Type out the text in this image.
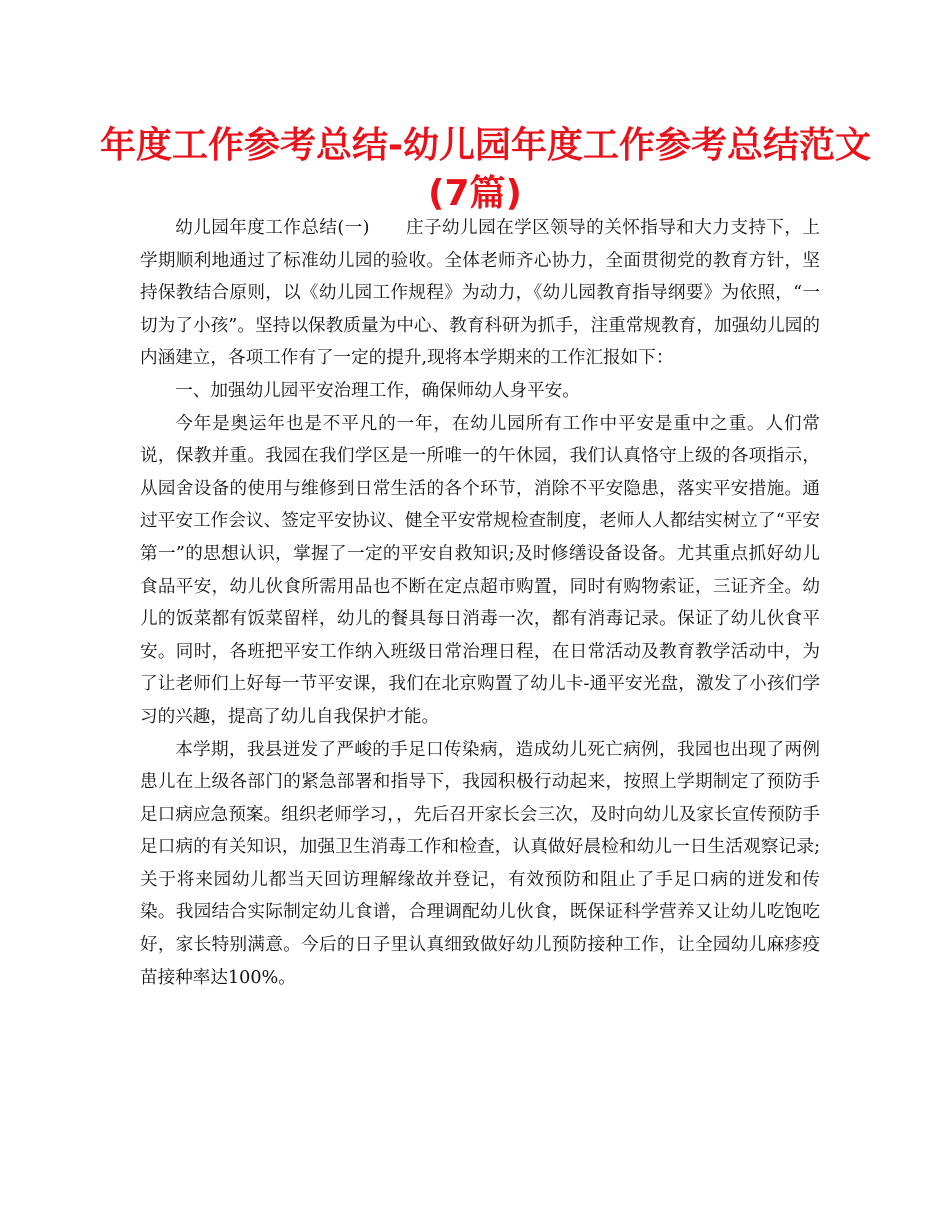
年度工作参考总结-幼儿园年度工作参考总结范文
(7篇)

幼儿园年度工作总结(一)　　庄子幼儿园在学区领导的关怀指导和大力支持下，上学期顺利地通过了标准幼儿园的验收。全体老师齐心协力，全面贯彻党的教育方针，坚持保教结合原则，以《幼儿园工作规程》为动力，《幼儿园教育指导纲要》为依照，“一切为了小孩”。坚持以保教质量为中心、教育科研为抓手，注重常规教育，加强幼儿园的内涵建立，各项工作有了一定的提升,现将本学期来的工作汇报如下：

一、加强幼儿园平安治理工作，确保师幼人身平安。

今年是奥运年也是不平凡的一年，在幼儿园所有工作中平安是重中之重。人们常说，保教并重。我园在我们学区是一所唯一的午休园，我们认真恪守上级的各项指示，从园舍设备的使用与维修到日常生活的各个环节，消除不平安隐患，落实平安措施。通过平安工作会议、签定平安协议、健全平安常规检查制度，老师人人都结实树立了“平安第一”的思想认识，掌握了一定的平安自救知识;及时修缮设备设备。尤其重点抓好幼儿食品平安，幼儿伙食所需用品也不断在定点超市购置，同时有购物索证，三证齐全。幼儿的饭菜都有饭菜留样，幼儿的餐具每日消毒一次，都有消毒记录。保证了幼儿伙食平安。同时，各班把平安工作纳入班级日常治理日程，在日常活动及教育教学活动中，为了让老师们上好每一节平安课，我们在北京购置了幼儿卡-通平安光盘，激发了小孩们学习的兴趣，提高了幼儿自我保护才能。

本学期，我县迸发了严峻的手足口传染病，造成幼儿死亡病例，我园也出现了两例患儿在上级各部门的紧急部署和指导下，我园积极行动起来，按照上学期制定了预防手足口病应急预案。组织老师学习，，先后召开家长会三次，及时向幼儿及家长宣传预防手足口病的有关知识，加强卫生消毒工作和检查，认真做好晨检和幼儿一日生活观察记录;关于将来园幼儿都当天回访理解缘故并登记，有效预防和阻止了手足口病的迸发和传染。我园结合实际制定幼儿食谱，合理调配幼儿伙食，既保证科学营养又让幼儿吃饱吃好，家长特别满意。今后的日子里认真细致做好幼儿预防接种工作，让全园幼儿麻疹疫苗接种率达100%。
